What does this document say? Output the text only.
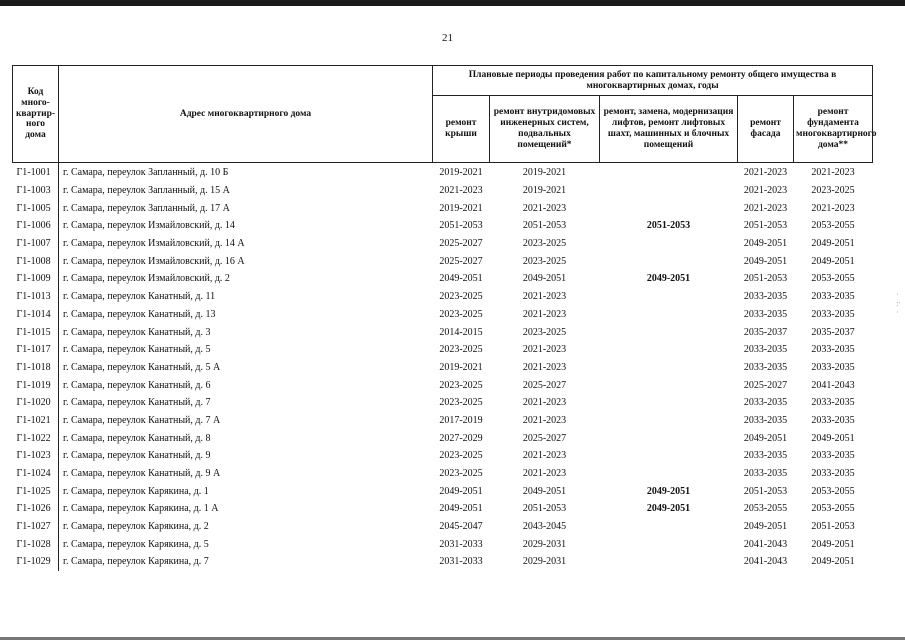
21
Код много-квартир-ного дома	Адрес многоквартирного дома	Плановые периоды проведения работ по капитальному ремонту общего имущества в многоквартирных домах, годы				
		ремонт крыши	ремонт внутридомовых инженерных систем, подвальных помещений*	ремонт, замена, модернизация лифтов, ремонт лифтовых шахт, машинных и блочных помещений	ремонт фасада	ремонт фундамента многоквартирного дома**
Г1-1001	г. Самара, переулок Запланный, д. 10 Б	2019-2021	2019-2021		2021-2023	2021-2023
Г1-1003	г. Самара, переулок Запланный, д. 15 А	2021-2023	2019-2021		2021-2023	2023-2025
Г1-1005	г. Самара, переулок Запланный, д. 17 А	2019-2021	2021-2023		2021-2023	2021-2023
Г1-1006	г. Самара, переулок Измайловский, д. 14	2051-2053	2051-2053	2051-2053	2051-2053	2053-2055
Г1-1007	г. Самара, переулок Измайловский, д. 14 А	2025-2027	2023-2025		2049-2051	2049-2051
Г1-1008	г. Самара, переулок Измайловский, д. 16 А	2025-2027	2023-2025		2049-2051	2049-2051
Г1-1009	г. Самара, переулок Измайловский, д. 2	2049-2051	2049-2051	2049-2051	2051-2053	2053-2055
Г1-1013	г. Самара, переулок Канатный, д. 11	2023-2025	2021-2023		2033-2035	2033-2035
Г1-1014	г. Самара, переулок Канатный, д. 13	2023-2025	2021-2023		2033-2035	2033-2035
Г1-1015	г. Самара, переулок Канатный, д. 3	2014-2015	2023-2025		2035-2037	2035-2037
Г1-1017	г. Самара, переулок Канатный, д. 5	2023-2025	2021-2023		2033-2035	2033-2035
Г1-1018	г. Самара, переулок Канатный, д. 5 А	2019-2021	2021-2023		2033-2035	2033-2035
Г1-1019	г. Самара, переулок Канатный, д. 6	2023-2025	2025-2027		2025-2027	2041-2043
Г1-1020	г. Самара, переулок Канатный, д. 7	2023-2025	2021-2023		2033-2035	2033-2035
Г1-1021	г. Самара, переулок Канатный, д. 7 А	2017-2019	2021-2023		2033-2035	2033-2035
Г1-1022	г. Самара, переулок Канатный, д. 8	2027-2029	2025-2027		2049-2051	2049-2051
Г1-1023	г. Самара, переулок Канатный, д. 9	2023-2025	2021-2023		2033-2035	2033-2035
Г1-1024	г. Самара, переулок Канатный, д. 9 А	2023-2025	2021-2023		2033-2035	2033-2035
Г1-1025	г. Самара, переулок Карякина, д. 1	2049-2051	2049-2051	2049-2051	2051-2053	2053-2055
Г1-1026	г. Самара, переулок Карякина, д. 1 А	2049-2051	2051-2053	2049-2051	2053-2055	2053-2055
Г1-1027	г. Самара, переулок Карякина, д. 2	2045-2047	2043-2045		2049-2051	2051-2053
Г1-1028	г. Самара, переулок Карякина, д. 5	2031-2033	2029-2031		2041-2043	2049-2051
Г1-1029	г. Самара, переулок Карякина, д. 7	2031-2033	2029-2031		2041-2043	2049-2051
·
:·
·
